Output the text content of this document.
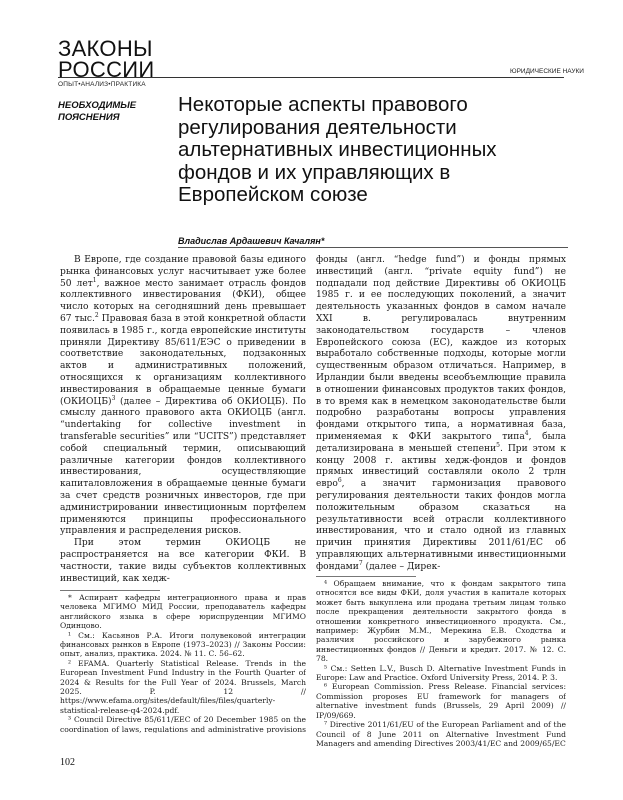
ЗАКОНЫ
РОССИИ
ОПЫТ•АНАЛИЗ•ПРАКТИКА
ЮРИДИЧЕСКИЕ НАУКИ
НЕОБХОДИМЫЕ ПОЯСНЕНИЯ
Некоторые аспекты правового регулирования деятельности альтернативных инвестиционных фондов и их управляющих в Европейском союзе
Владислав Ардашевич Качалян*

В Европе, где создание правовой базы единого рынка финансовых услуг насчитывает уже более 50 лет1, важное место занимает отрасль фондов коллективного инвестирования (ФКИ), общее число которых на сегодняшний день превышает 67 тыс.2 Правовая база в этой конкретной области появилась в 1985 г., когда европейские институты приняли Директиву 85/611/ЕЭС о приведении в соответствие законодательных, подзаконных актов и административных положений, относящихся к организациям коллективного инвестирования в обращаемые ценные бумаги (ОКИОЦБ)3 (далее – Директива об ОКИОЦБ). По смыслу данного правового акта ОКИОЦБ (англ. “undertaking for collective investment in transferable securities” или “UCITS”) представляет собой специальный термин, описывающий различные категории фондов коллективного инвестирования, осуществляющие капиталовложения в обращаемые ценные бумаги за счет средств розничных инвесторов, где при администрировании инвестиционным портфелем применяются принципы профессионального управления и распределения рисков.

При этом термин ОКИОЦБ не распространяется на все категории ФКИ. В частности, такие виды субъектов коллективных инвестиций, как хедж-

фонды (англ. “hedge fund”) и фонды прямых инвестиций (англ. “private equity fund”) не подпадали под действие Директивы об ОКИОЦБ 1985 г. и ее последующих поколений, а значит деятельность указанных фондов в самом начале XXI в. регулировалась внутренним законодательством государств – членов Европейского союза (ЕС), каждое из которых выработало собственные подходы, которые могли существенным образом отличаться. Например, в Ирландии были введены всеобъемлющие правила в отношении финансовых продуктов таких фондов, в то время как в немецком законодательстве были подробно разработаны вопросы управления фондами открытого типа, а нормативная база, применяемая к ФКИ закрытого типа4, была детализирована в меньшей степени5. При этом к концу 2008 г. активы хедж-фондов и фондов прямых инвестиций составляли около 2 трлн евро6, а значит гармонизация правового регулирования деятельности таких фондов могла положительным образом сказаться на результативности всей отрасли коллективного инвестирования, что и стало одной из главных причин принятия Директивы 2011/61/ЕС об управляющих альтернативными инвестиционными фондами7 (далее – Дирек-

* Аспирант кафедры интеграционного права и прав человека МГИМО МИД России, преподаватель кафедры английского языка в сфере юриспруденции МГИМО Одинцово.

¹ См.: Касьянов Р.А. Итоги полувековой интеграции финансовых рынков в Европе (1973–2023) // Законы России: опыт, анализ, практика. 2024. № 11. С. 56–62.

² EFAMA. Quarterly Statistical Release. Trends in the European Investment Fund Industry in the Fourth Quarter of 2024 & Results for the Full Year of 2024. Brussels, March 2025. P. 12 // https://www.efama.org/sites/default/files/files/quarterly-statistical-release-q4-2024.pdf.

³ Council Directive 85/611/EEC of 20 December 1985 on the coordination of laws, regulations and administrative provisions

⁴ Обращаем внимание, что к фондам закрытого типа относятся все виды ФКИ, доля участия в капитале которых может быть выкуплена или продана третьим лицам только после прекращения деятельности закрытого фонда в отношении конкретного инвестиционного продукта. См., например: Журбин М.М., Мерекина Е.В. Сходства и различия российского и зарубежного рынка инвестиционных фондов // Деньги и кредит. 2017. № 12. С. 78.

⁵ См.: Setten L.V., Busch D. Alternative Investment Funds in Europe: Law and Practice. Oxford University Press, 2014. P. 3.

⁶ European Commission. Press Release. Financial services: Commission proposes EU framework for managers of alternative investment funds (Brussels, 29 April 2009) // IP/09/669.

⁷ Directive 2011/61/EU of the European Parliament and of the Council of 8 June 2011 on Alternative Investment Fund Managers and amending Directives 2003/41/EC and 2009/65/EC

102
